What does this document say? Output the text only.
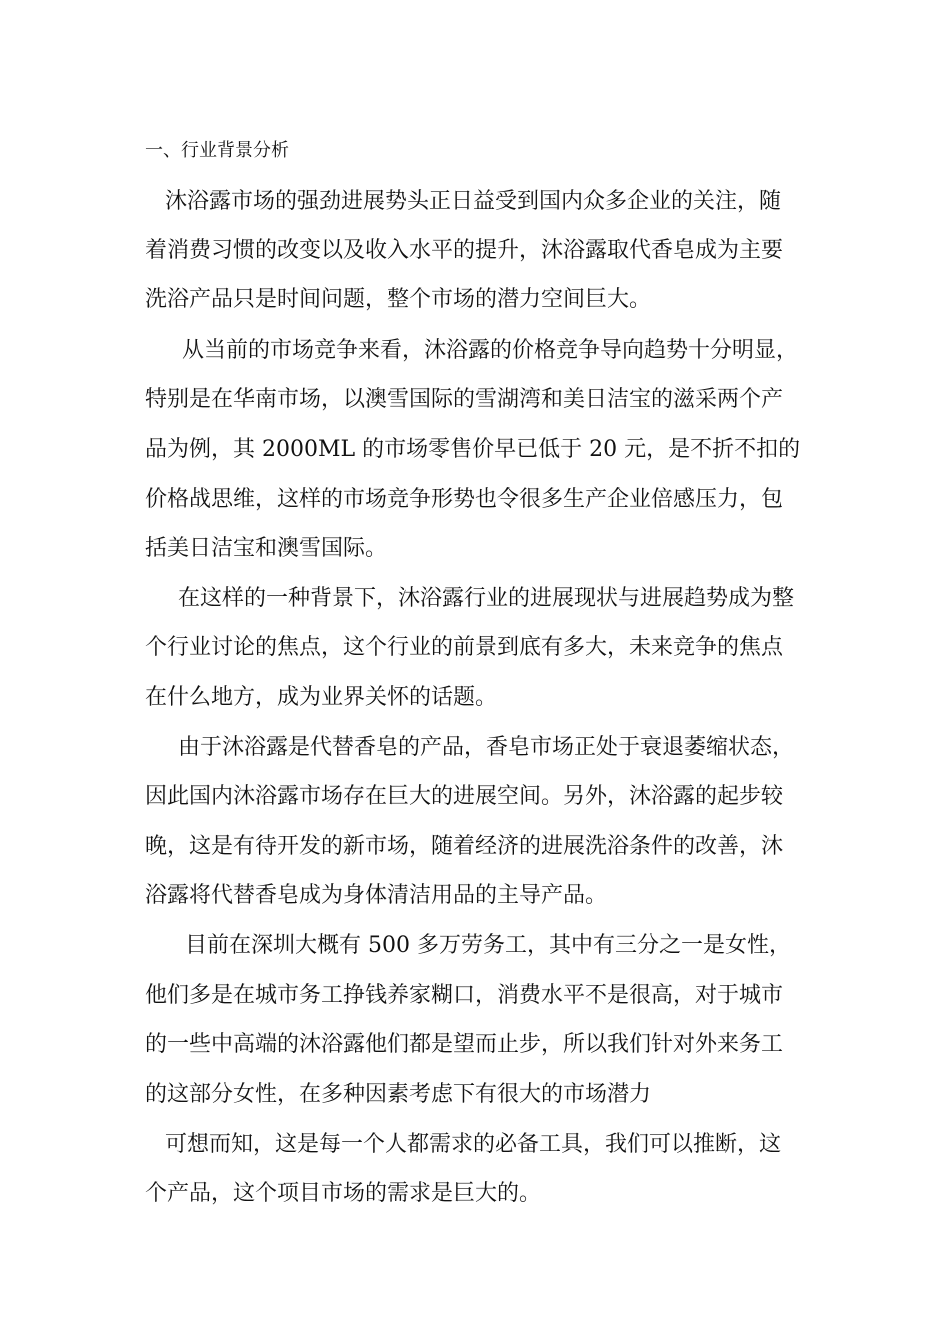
一、行业背景分析
沐浴露市场的强劲进展势头正日益受到国内众多企业的关注，随
着消费习惯的改变以及收入水平的提升，沐浴露取代香皂成为主要
洗浴产品只是时间问题，整个市场的潜力空间巨大。
从当前的市场竞争来看，沐浴露的价格竞争导向趋势十分明显，
特别是在华南市场，以澳雪国际的雪湖湾和美日洁宝的滋采两个产
品为例，其 2000ML 的市场零售价早已低于 20 元，是不折不扣的
价格战思维，这样的市场竞争形势也令很多生产企业倍感压力，包
括美日洁宝和澳雪国际。
在这样的一种背景下，沐浴露行业的进展现状与进展趋势成为整
个行业讨论的焦点，这个行业的前景到底有多大，未来竞争的焦点
在什么地方，成为业界关怀的话题。
由于沐浴露是代替香皂的产品，香皂市场正处于衰退萎缩状态，
因此国内沐浴露市场存在巨大的进展空间。另外，沐浴露的起步较
晚，这是有待开发的新市场，随着经济的进展洗浴条件的改善，沐
浴露将代替香皂成为身体清洁用品的主导产品。
目前在深圳大概有 500 多万劳务工，其中有三分之一是女性，
他们多是在城市务工挣钱养家糊口，消费水平不是很高，对于城市
的一些中高端的沐浴露他们都是望而止步，所以我们针对外来务工
的这部分女性，在多种因素考虑下有很大的市场潜力
可想而知，这是每一个人都需求的必备工具，我们可以推断，这
个产品，这个项目市场的需求是巨大的。
